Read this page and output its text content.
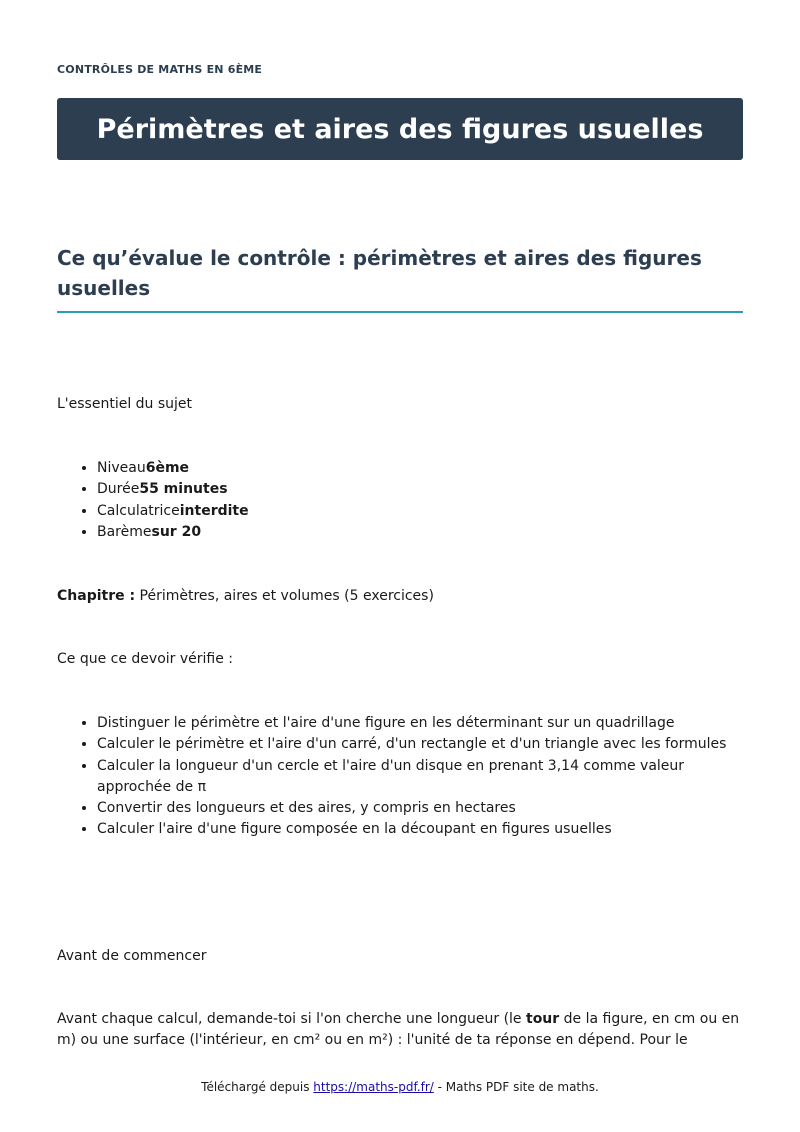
CONTRÔLES DE MATHS EN 6ÈME
Périmètres et aires des figures usuelles
Ce qu’évalue le contrôle : périmètres et aires des figures usuelles

L'essentiel du sujet

• Niveau6ème
• Durée55 minutes
• Calculatriceinterdite
• Barèmesur 20

Chapitre : Périmètres, aires et volumes (5 exercices)

Ce que ce devoir vérifie :

• Distinguer le périmètre et l'aire d'une figure en les déterminant sur un quadrillage
• Calculer le périmètre et l'aire d'un carré, d'un rectangle et d'un triangle avec les formules
• Calculer la longueur d'un cercle et l'aire d'un disque en prenant 3,14 comme valeur approchée de π
• Convertir des longueurs et des aires, y compris en hectares
• Calculer l'aire d'une figure composée en la découpant en figures usuelles

Avant de commencer

Avant chaque calcul, demande-toi si l'on cherche une longueur (le tour de la figure, en cm ou en m) ou une surface (l'intérieur, en cm² ou en m²) : l'unité de ta réponse en dépend. Pour le

Téléchargé depuis https://maths-pdf.fr/ - Maths PDF site de maths.
